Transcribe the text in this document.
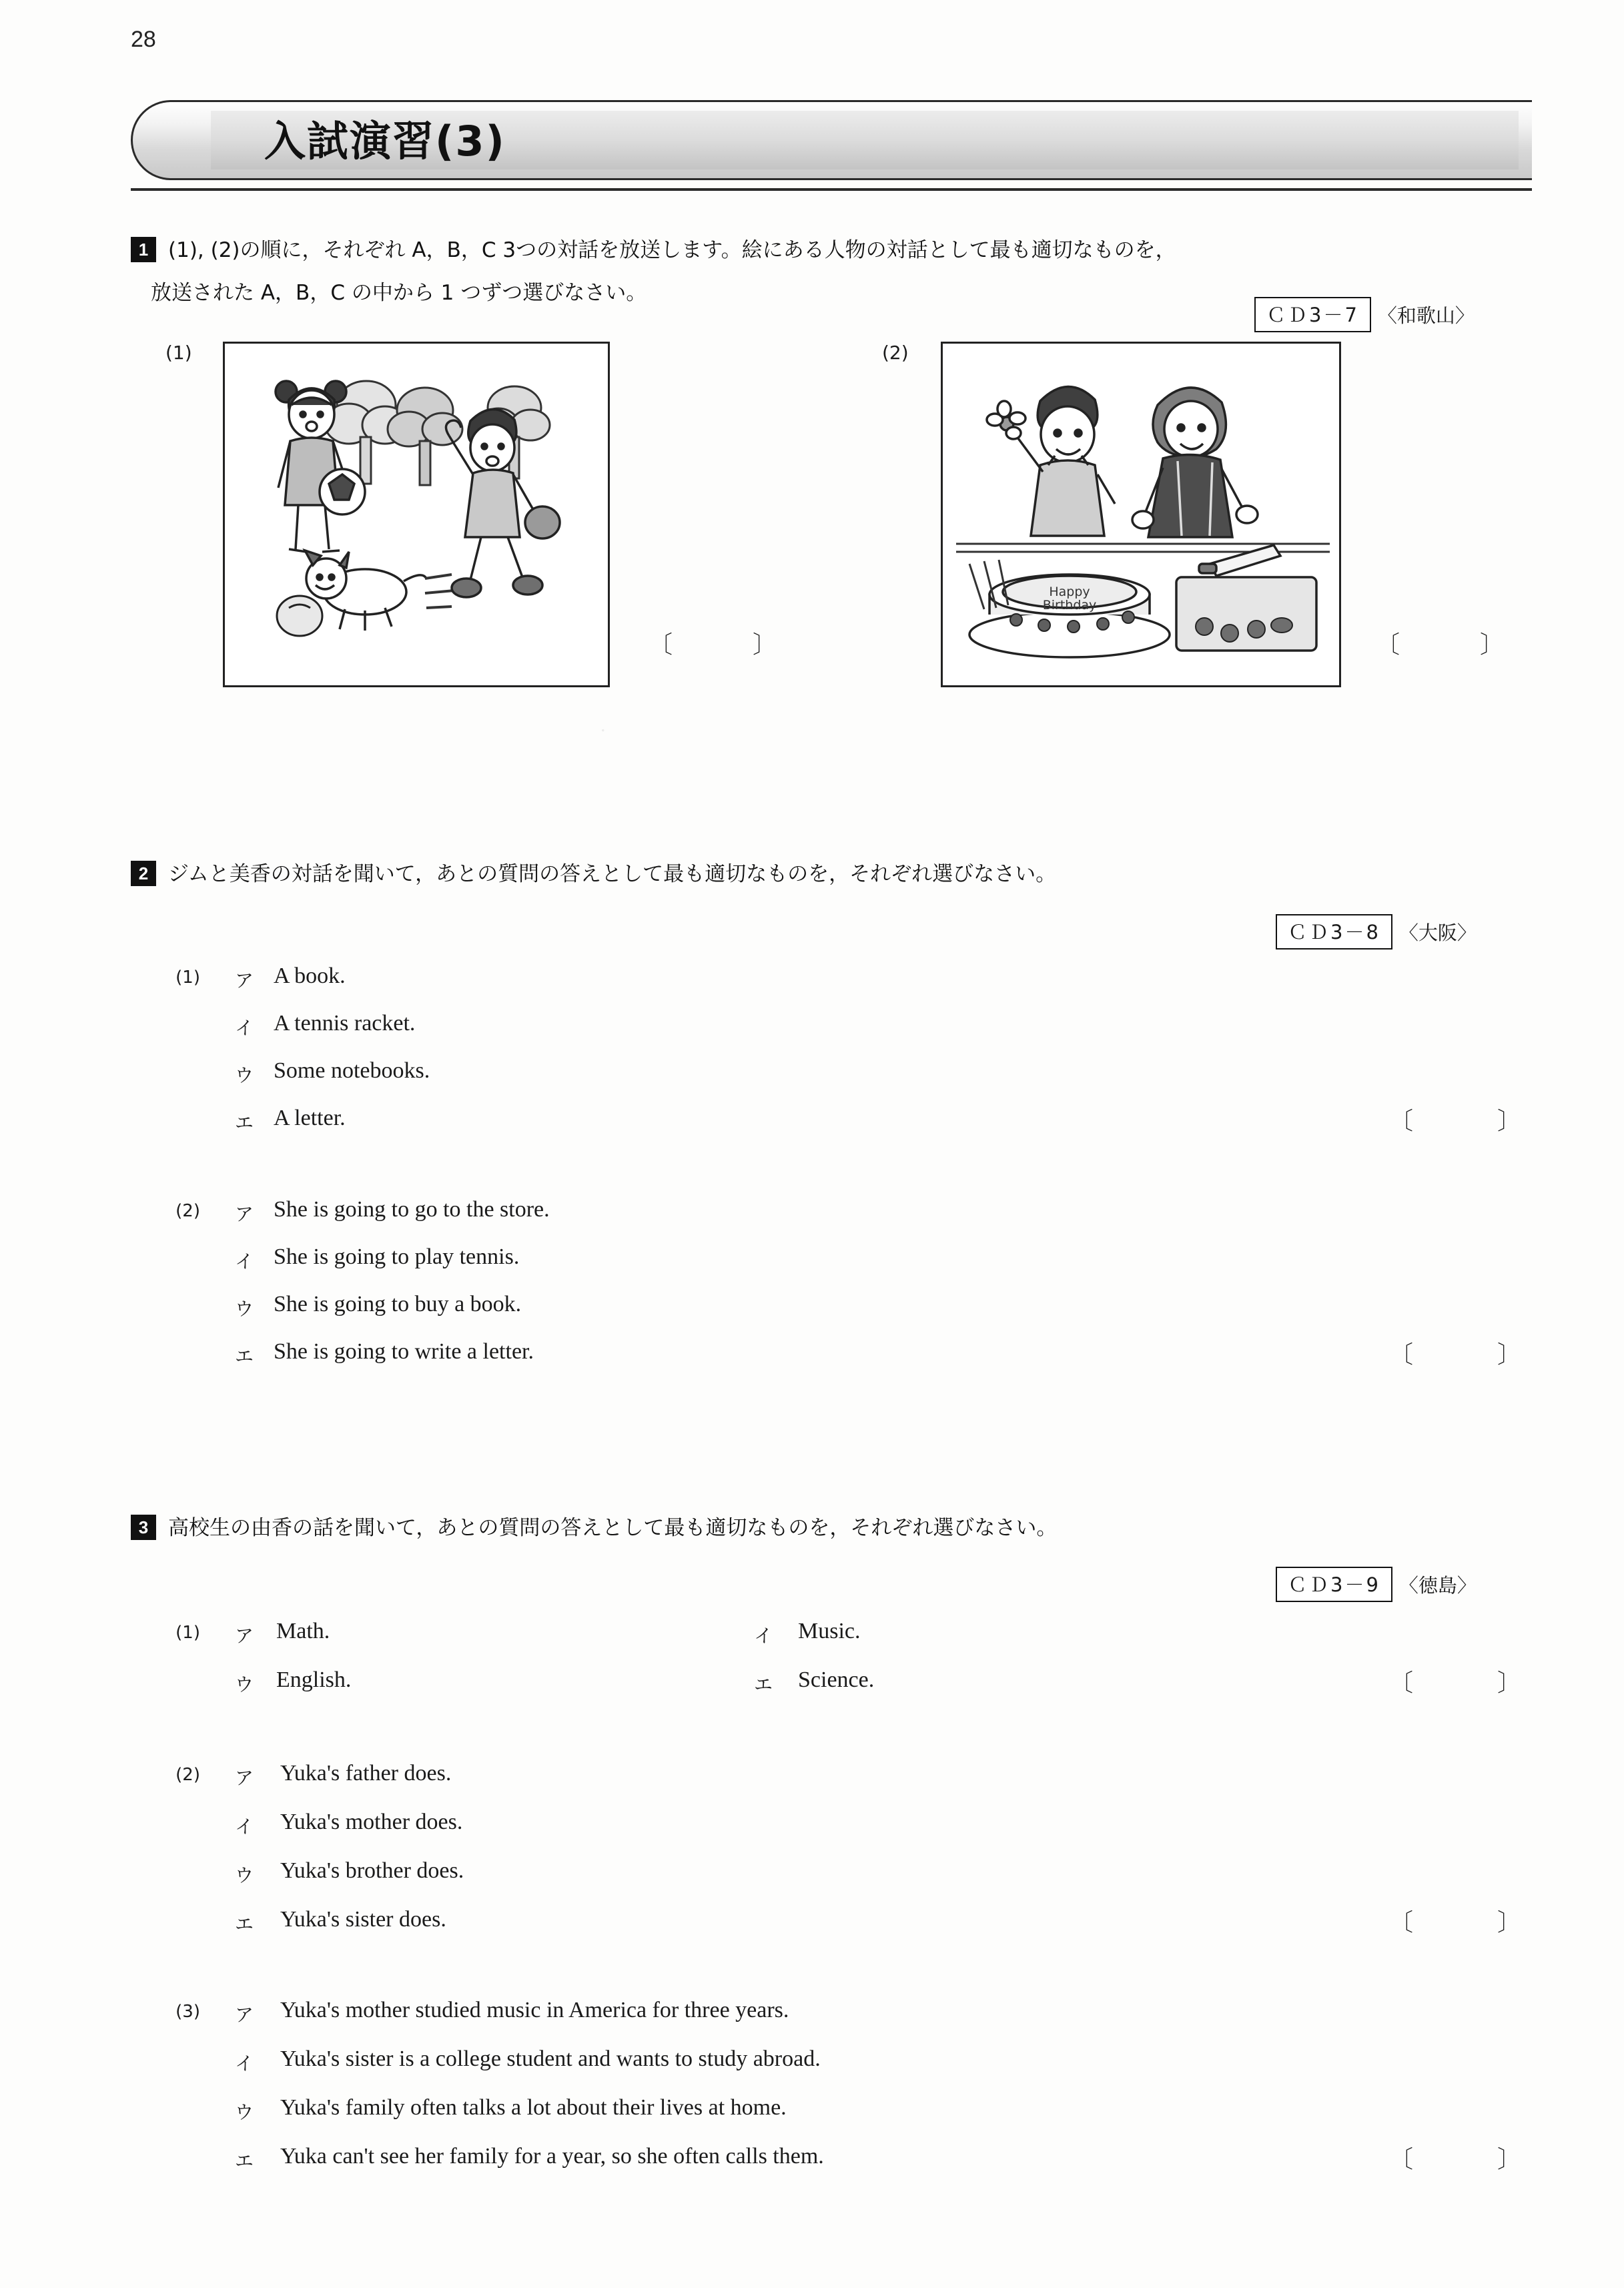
28
入試演習(3)
1 (1), (2)の順に，それぞれ A，B，C 3つの対話を放送します。絵にある人物の対話として最も適切なものを，
放送された A，B，C の中から 1 つずつ選びなさい。
ＣＤ3－7 〈和歌山〉
(1)
〔	〕
(2)
Happy
Birthday
〔	〕
.
2 ジムと美香の対話を聞いて，あとの質問の答えとして最も適切なものを，それぞれ選びなさい。
ＣＤ3－8 〈大阪〉
(1) ア A book.
イ A tennis racket.
ウ Some notebooks.
エ A letter.	〔	〕
(2) ア She is going to go to the store.
イ She is going to play tennis.
ウ She is going to buy a book.
エ She is going to write a letter.	〔	〕
3 高校生の由香の話を聞いて，あとの質問の答えとして最も適切なものを，それぞれ選びなさい。
ＣＤ3－9 〈徳島〉
(1) ア Math.	イ Music.
ウ English.	エ Science.	〔	〕
(2) ア Yuka's father does.
イ Yuka's mother does.
ウ Yuka's brother does.
エ Yuka's sister does.	〔	〕
(3) ア Yuka's mother studied music in America for three years.
イ Yuka's sister is a college student and wants to study abroad.
ウ Yuka's family often talks a lot about their lives at home.
エ Yuka can't see her family for a year, so she often calls them.	〔	〕
